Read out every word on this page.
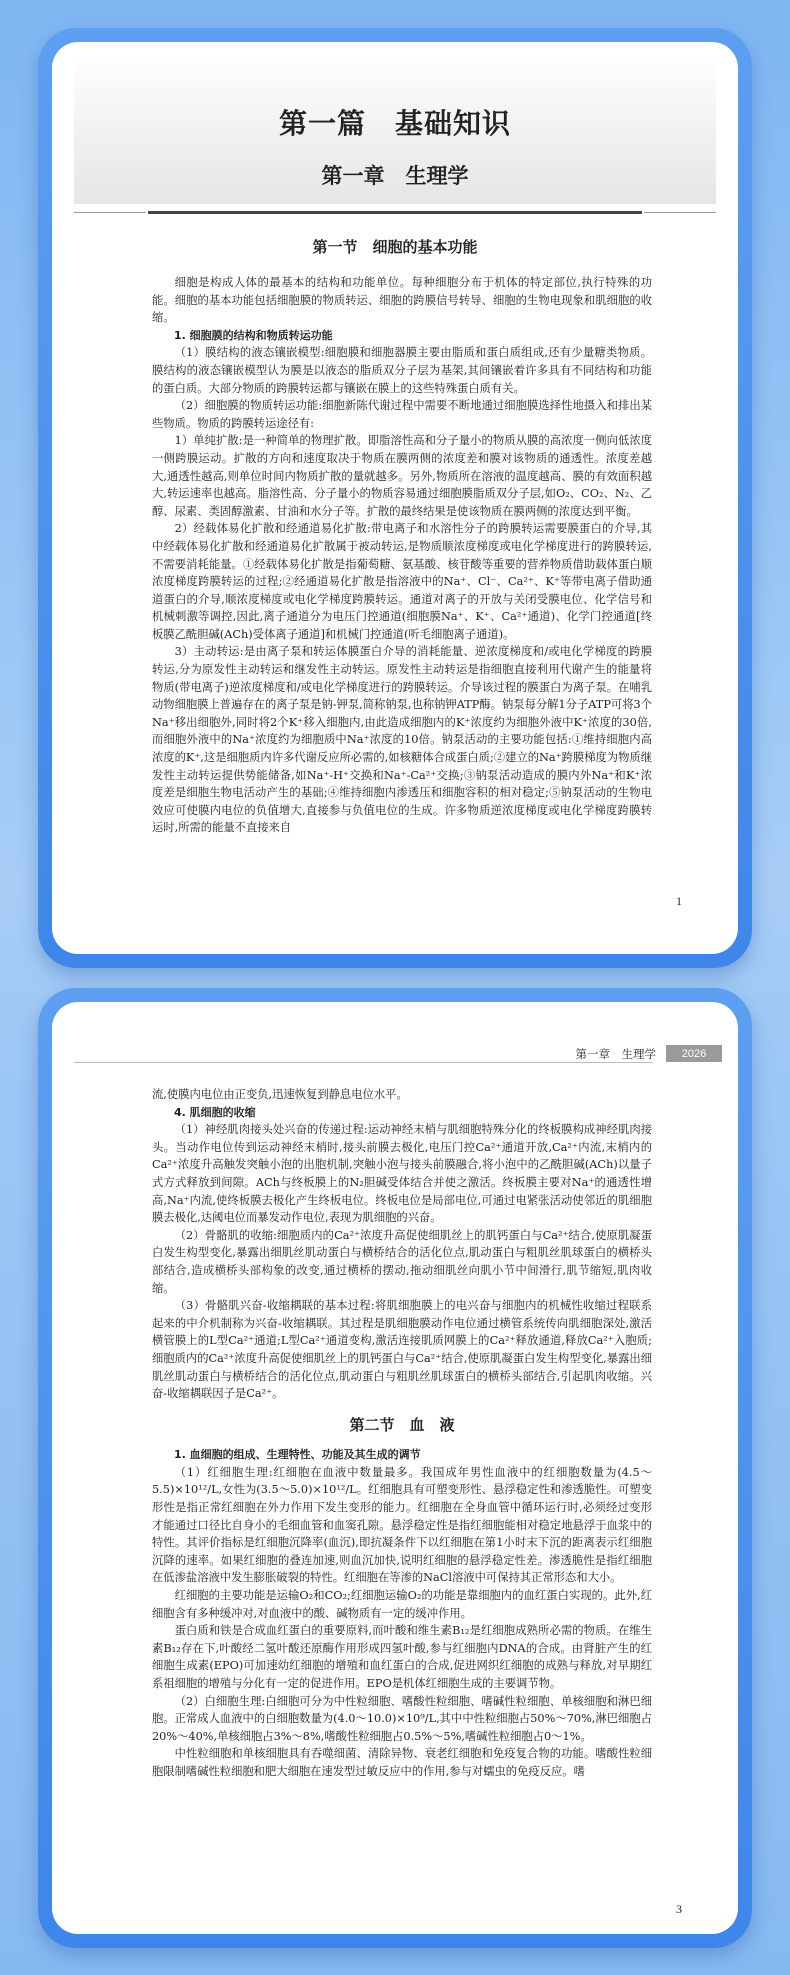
第一篇　基础知识
第一章　生理学
第一节　细胞的基本功能

细胞是构成人体的最基本的结构和功能单位。每种细胞分布于机体的特定部位,执行特殊的功能。细胞的基本功能包括细胞膜的物质转运、细胞的跨膜信号转导、细胞的生物电现象和肌细胞的收缩。

1. 细胞膜的结构和物质转运功能

（1）膜结构的液态镶嵌模型:细胞膜和细胞器膜主要由脂质和蛋白质组成,还有少量糖类物质。膜结构的液态镶嵌模型认为膜是以液态的脂质双分子层为基架,其间镶嵌着许多具有不同结构和功能的蛋白质。大部分物质的跨膜转运都与镶嵌在膜上的这些特殊蛋白质有关。

（2）细胞膜的物质转运功能:细胞新陈代谢过程中需要不断地通过细胞膜选择性地摄入和排出某些物质。物质的跨膜转运途径有:

1）单纯扩散:是一种简单的物理扩散。即脂溶性高和分子量小的物质从膜的高浓度一侧向低浓度一侧跨膜运动。扩散的方向和速度取决于物质在膜两侧的浓度差和膜对该物质的通透性。浓度差越大,通透性越高,则单位时间内物质扩散的量就越多。另外,物质所在溶液的温度越高、膜的有效面积越大,转运速率也越高。脂溶性高、分子量小的物质容易通过细胞膜脂质双分子层,如O₂、CO₂、N₂、乙醇、尿素、类固醇激素、甘油和水分子等。扩散的最终结果是使该物质在膜两侧的浓度达到平衡。

2）经载体易化扩散和经通道易化扩散:带电离子和水溶性分子的跨膜转运需要膜蛋白的介导,其中经载体易化扩散和经通道易化扩散属于被动转运,是物质顺浓度梯度或电化学梯度进行的跨膜转运,不需要消耗能量。①经载体易化扩散是指葡萄糖、氨基酸、核苷酸等重要的营养物质借助载体蛋白顺浓度梯度跨膜转运的过程;②经通道易化扩散是指溶液中的Na⁺、Cl⁻、Ca²⁺、K⁺等带电离子借助通道蛋白的介导,顺浓度梯度或电化学梯度跨膜转运。通道对离子的开放与关闭受膜电位、化学信号和机械刺激等调控,因此,离子通道分为电压门控通道(细胞膜Na⁺、K⁺、Ca²⁺通道)、化学门控通道[终板膜乙酰胆碱(ACh)受体离子通道]和机械门控通道(听毛细胞离子通道)。

3）主动转运:是由离子泵和转运体膜蛋白介导的消耗能量、逆浓度梯度和/或电化学梯度的跨膜转运,分为原发性主动转运和继发性主动转运。原发性主动转运是指细胞直接利用代谢产生的能量将物质(带电离子)逆浓度梯度和/或电化学梯度进行的跨膜转运。介导该过程的膜蛋白为离子泵。在哺乳动物细胞膜上普遍存在的离子泵是钠-钾泵,简称钠泵,也称钠钾ATP酶。钠泵每分解1分子ATP可将3个Na⁺移出细胞外,同时将2个K⁺移入细胞内,由此造成细胞内的K⁺浓度约为细胞外液中K⁺浓度的30倍,而细胞外液中的Na⁺浓度约为细胞质中Na⁺浓度的10倍。钠泵活动的主要功能包括:①维持细胞内高浓度的K⁺,这是细胞质内许多代谢反应所必需的,如核糖体合成蛋白质;②建立的Na⁺跨膜梯度为物质继发性主动转运提供势能储备,如Na⁺-H⁺交换和Na⁺-Ca²⁺交换;③钠泵活动造成的膜内外Na⁺和K⁺浓度差是细胞生物电活动产生的基础;④维持细胞内渗透压和细胞容积的相对稳定;⑤钠泵活动的生物电效应可使膜内电位的负值增大,直接参与负值电位的生成。许多物质逆浓度梯度或电化学梯度跨膜转运时,所需的能量不直接来自

1
第一章　生理学	2026

流,使膜内电位由正变负,迅速恢复到静息电位水平。

4. 肌细胞的收缩

（1）神经肌肉接头处兴奋的传递过程:运动神经末梢与肌细胞特殊分化的终板膜构成神经肌肉接头。当动作电位传到运动神经末梢时,接头前膜去极化,电压门控Ca²⁺通道开放,Ca²⁺内流,末梢内的Ca²⁺浓度升高触发突触小泡的出胞机制,突触小泡与接头前膜融合,将小泡中的乙酰胆碱(ACh)以量子式方式释放到间隙。ACh与终板膜上的N₂胆碱受体结合并使之激活。终板膜主要对Na⁺的通透性增高,Na⁺内流,使终板膜去极化产生终板电位。终板电位是局部电位,可通过电紧张活动使邻近的肌细胞膜去极化,达阈电位而暴发动作电位,表现为肌细胞的兴奋。

（2）骨骼肌的收缩:细胞质内的Ca²⁺浓度升高促使细肌丝上的肌钙蛋白与Ca²⁺结合,使原肌凝蛋白发生构型变化,暴露出细肌丝肌动蛋白与横桥结合的活化位点,肌动蛋白与粗肌丝肌球蛋白的横桥头部结合,造成横桥头部构象的改变,通过横桥的摆动,拖动细肌丝向肌小节中间滑行,肌节缩短,肌肉收缩。

（3）骨骼肌兴奋-收缩耦联的基本过程:将肌细胞膜上的电兴奋与细胞内的机械性收缩过程联系起来的中介机制称为兴奋-收缩耦联。其过程是肌细胞膜动作电位通过横管系统传向肌细胞深处,激活横管膜上的L型Ca²⁺通道;L型Ca²⁺通道变构,激活连接肌质网膜上的Ca²⁺释放通道,释放Ca²⁺入胞质;细胞质内的Ca²⁺浓度升高促使细肌丝上的肌钙蛋白与Ca²⁺结合,使原肌凝蛋白发生构型变化,暴露出细肌丝肌动蛋白与横桥结合的活化位点,肌动蛋白与粗肌丝肌球蛋白的横桥头部结合,引起肌肉收缩。兴奋-收缩耦联因子是Ca²⁺。

第二节　血　液
1. 血细胞的组成、生理特性、功能及其生成的调节

（1）红细胞生理:红细胞在血液中数量最多。我国成年男性血液中的红细胞数量为(4.5～5.5)×10¹²/L,女性为(3.5～5.0)×10¹²/L。红细胞具有可塑变形性、悬浮稳定性和渗透脆性。可塑变形性是指正常红细胞在外力作用下发生变形的能力。红细胞在全身血管中循环运行时,必须经过变形才能通过口径比自身小的毛细血管和血窦孔隙。悬浮稳定性是指红细胞能相对稳定地悬浮于血浆中的特性。其评价指标是红细胞沉降率(血沉),即抗凝条件下以红细胞在第1小时末下沉的距离表示红细胞沉降的速率。如果红细胞的叠连加速,则血沉加快,说明红细胞的悬浮稳定性差。渗透脆性是指红细胞在低渗盐溶液中发生膨胀破裂的特性。红细胞在等渗的NaCl溶液中可保持其正常形态和大小。

红细胞的主要功能是运输O₂和CO₂;红细胞运输O₂的功能是靠细胞内的血红蛋白实现的。此外,红细胞含有多种缓冲对,对血液中的酸、碱物质有一定的缓冲作用。

蛋白质和铁是合成血红蛋白的重要原料,而叶酸和维生素B₁₂是红细胞成熟所必需的物质。在维生素B₁₂存在下,叶酸经二氢叶酸还原酶作用形成四氢叶酸,参与红细胞内DNA的合成。由肾脏产生的红细胞生成素(EPO)可加速幼红细胞的增殖和血红蛋白的合成,促进网织红细胞的成熟与释放,对早期红系祖细胞的增殖与分化有一定的促进作用。EPO是机体红细胞生成的主要调节物。

（2）白细胞生理:白细胞可分为中性粒细胞、嗜酸性粒细胞、嗜碱性粒细胞、单核细胞和淋巴细胞。正常成人血液中的白细胞数量为(4.0～10.0)×10⁹/L,其中中性粒细胞占50%～70%,淋巴细胞占20%～40%,单核细胞占3%～8%,嗜酸性粒细胞占0.5%～5%,嗜碱性粒细胞占0～1%。

中性粒细胞和单核细胞具有吞噬细菌、清除异物、衰老红细胞和免疫复合物的功能。嗜酸性粒细胞限制嗜碱性粒细胞和肥大细胞在速发型过敏反应中的作用,参与对蠕虫的免疫反应。嗜

3
